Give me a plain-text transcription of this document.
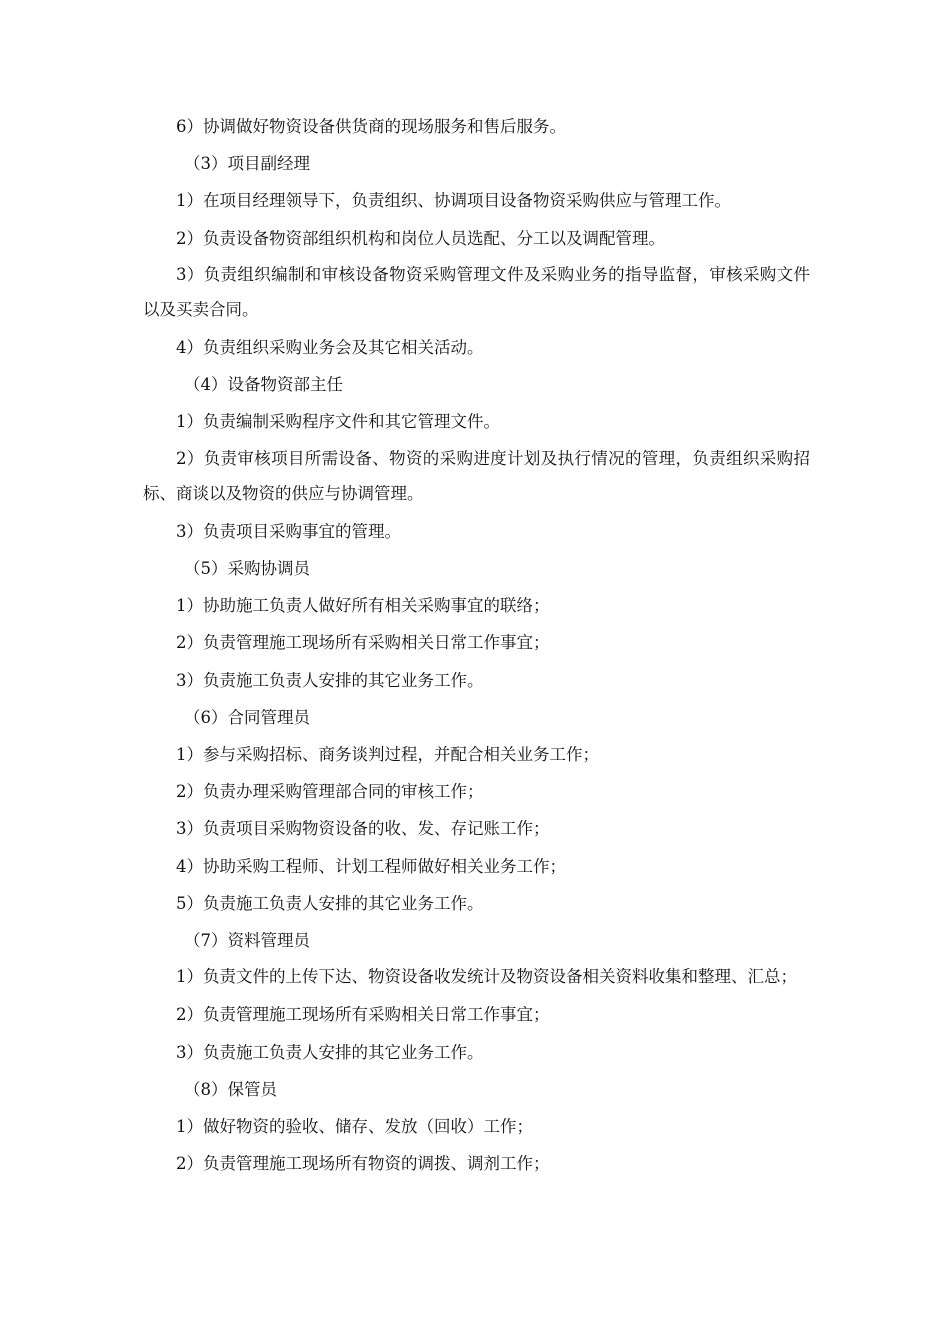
6）协调做好物资设备供货商的现场服务和售后服务。

（3）项目副经理

1）在项目经理领导下，负责组织、协调项目设备物资采购供应与管理工作。

2）负责设备物资部组织机构和岗位人员选配、分工以及调配管理。

3）负责组织编制和审核设备物资采购管理文件及采购业务的指导监督，审核采购文件以及买卖合同。

4）负责组织采购业务会及其它相关活动。

（4）设备物资部主任

1）负责编制采购程序文件和其它管理文件。

2）负责审核项目所需设备、物资的采购进度计划及执行情况的管理，负责组织采购招标、商谈以及物资的供应与协调管理。

3）负责项目采购事宜的管理。

（5）采购协调员

1）协助施工负责人做好所有相关采购事宜的联络；

2）负责管理施工现场所有采购相关日常工作事宜；

3）负责施工负责人安排的其它业务工作。

（6）合同管理员

1）参与采购招标、商务谈判过程，并配合相关业务工作；

2）负责办理采购管理部合同的审核工作；

3）负责项目采购物资设备的收、发、存记账工作；

4）协助采购工程师、计划工程师做好相关业务工作；

5）负责施工负责人安排的其它业务工作。

（7）资料管理员

1）负责文件的上传下达、物资设备收发统计及物资设备相关资料收集和整理、汇总；

2）负责管理施工现场所有采购相关日常工作事宜；

3）负责施工负责人安排的其它业务工作。

（8）保管员

1）做好物资的验收、储存、发放（回收）工作；

2）负责管理施工现场所有物资的调拨、调剂工作；
